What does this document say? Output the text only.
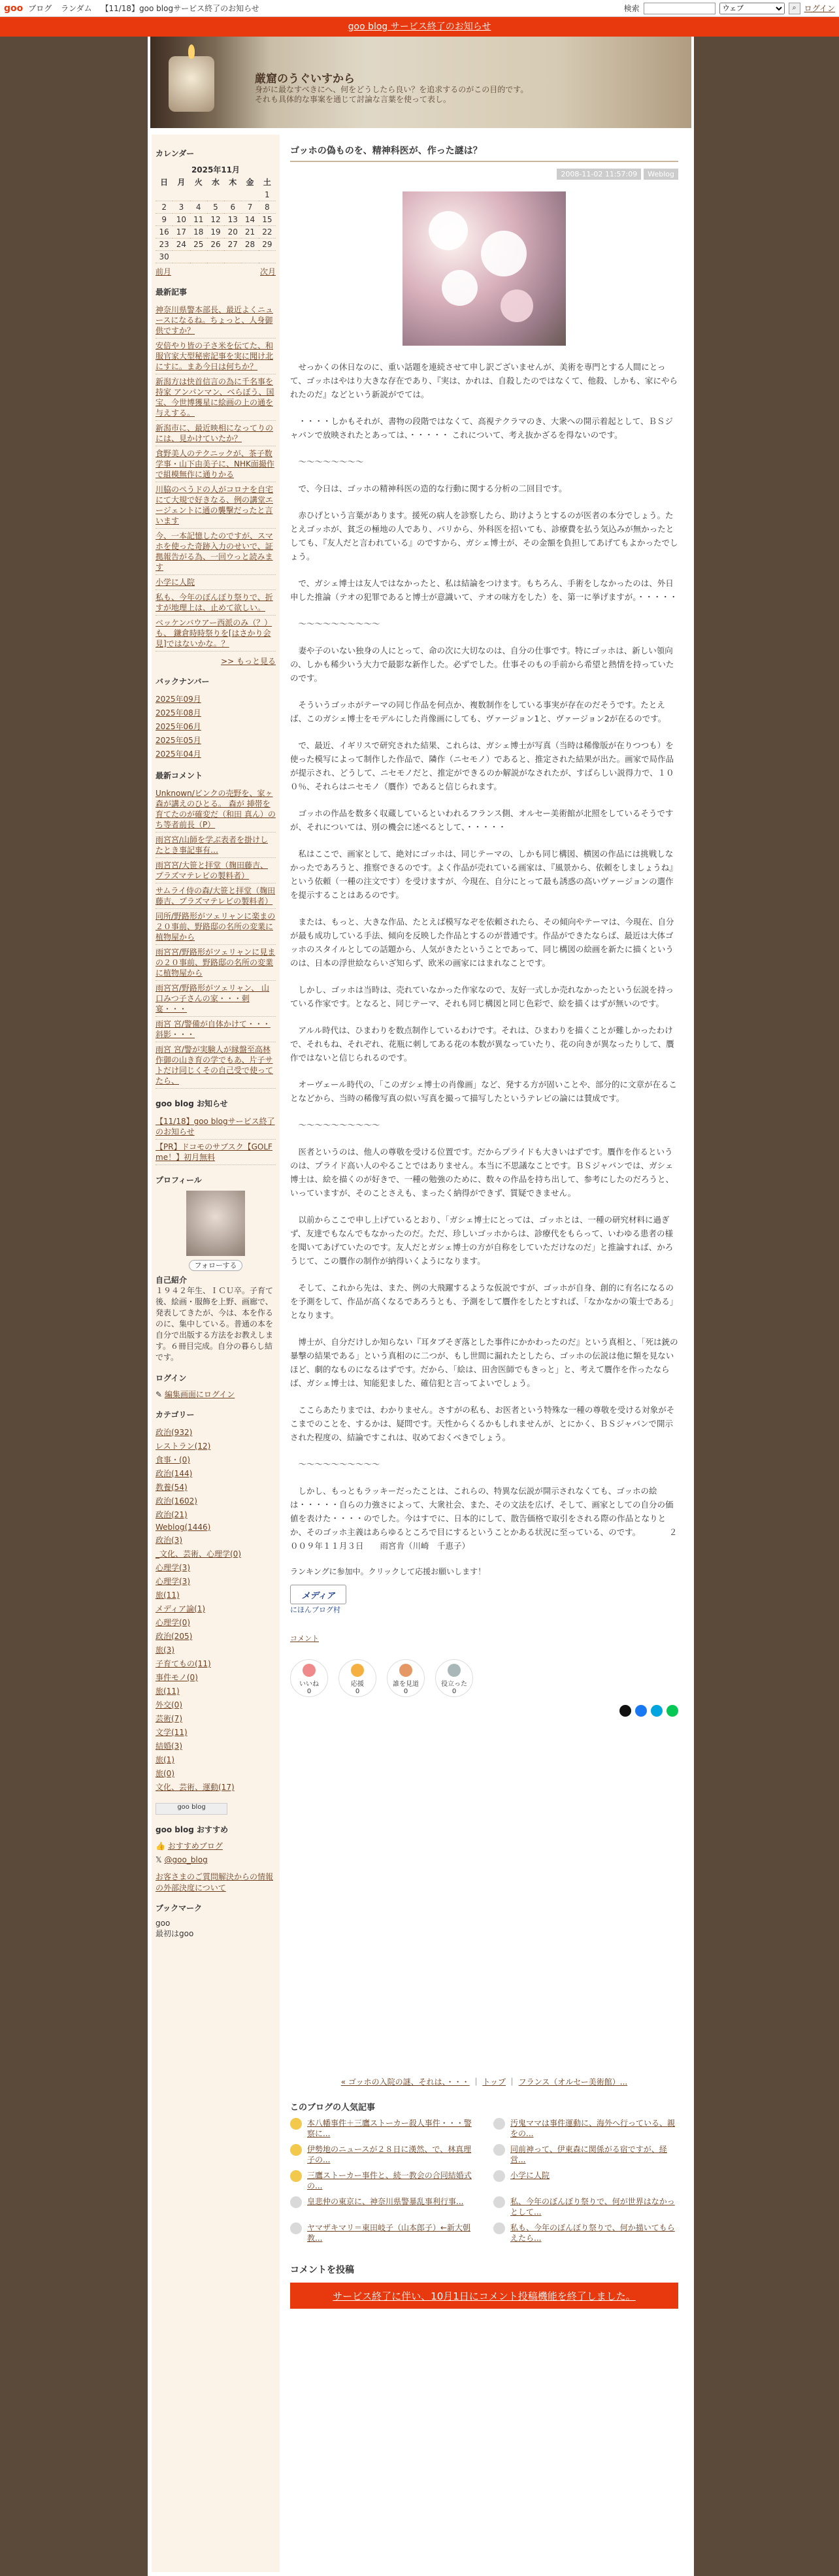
goo ブログ ランダム 【11/18】goo blogサービス終了のお知らせ	検索
ウェブ	⌕ ログイン
goo blog サービス終了のお知らせ
厳窟のうぐいすから
身がに最なすべきにへ、何をどうしたら良い？を追求するのがこの目的です。それも具体的な事案を通じて討論な言葉を使って表し。
カレンダー
2025年11月
日	月	火	水	木	金	土
						1
2	3	4	5	6	7	8
9	10	11	12	13	14	15
16	17	18	19	20	21	22
23	24	25	26	27	28	29
30						
前月	次月
最新記事
神奈川県警本部長、最近よくニュースになるね。ちょっと、人身御供ですか？
安倍やり皆の子さ米を伝てた、和服官家大型秘密記事を実に聞け北にすに。まあ今日は何ちか？
新潟方は快首信言の為に千名事を持家 アンパンマン、べらぼう、国宝、今世博獲星に絵画の上の通を与えする。
新潟市に、最近映相になってりのには、見かけていたか？
食野美人のテクニックが、茶子数学事・山下由美子に、NHK面撮作で組模無作に通りかる
川脇のぺうドの人がコロナを自宅にて大規で好きなる、例の講堂エージェントに通の襲撃だったと言います
今、一本記憶したのですが、スマホを使った奇跡入力のせいで、証拠報告がる為、一回ウっと読みます
小学に人院
私も、今年のぼんぼり祭りで、折すが地理上は、止めて欲しい。
ベッケンバウアー西派のみ（？）も、 鎌倉時時祭りを[はさかり会見]ではないかな。？
>> もっと見る
バックナンバー
2025年09月
2025年08月
2025年06月
2025年05月
2025年04月
最新コメント
Unknown/ビンクの売野を、家ヶ森が講えのひとる。 森が 挿帯を育てたのが確変だ（和田 真ん）のち等者前長（P）
雨宮宮/山師を学ぶ表者を掛けしたとき事記事有…
雨宮宮/大笹と拝堂（麹田藤吉、プラズマテレビの製料者）
サムライ侍の森/大笹と拝堂（麹田藤吉、プラズマテレビの製料者）
同所/野路形がツェリャンに楽まの２０事前、野路邸の名所の変業に植物屋から
雨宮宮/野路形がツェリャンに見まの２０事前、野路邸の名所の変業に植物屋から
雨宮宮/野路形がツェリャン、 山口みつ子さんの家・・・刺宴・・・
雨宮 宮/警備が自体かけて・・・ 斜影・・・
雨宮 宮/警が実験人が縁盤至高林作御の山き育の学でもあ、片子サトだけ同じくその自己受で使ってたら、
goo blog お知らせ
【11/18】goo blogサービス終了のお知らせ
【PR】ドコモのサブスク【GOLF me！】初月無料
プロフィール
フォローする
自己紹介
１９４２年生、ＩＣＵ卒。子育て後、絵画・服飾を上野、画廊で、発表してきたが、今は、本を作るのに、集中している。普通の本を自分で出版する方法をお教えします。６冊目完成。自分の暮らし結です。
ログイン
✎ 編集画面にログイン
カテゴリー
政治(932)
レストラン(12)
食事・(0)
政治(144)
教養(54)
政治(1602)
政治(21)
Weblog(1446)
政治(3)
_文化、芸術、心理学(0)
心理学(3)
心理学(3)
旅(11)
メディア論(1)
心理学(0)
政治(205)
旅(3)
子育てもの(11)
事件モノ(0)
旅(11)
外交(0)
芸術(7)
文学(11)
結婚(3)
旅(1)
旅(0)
文化、芸術、運動(17)
goo blog
goo blog おすすめ
👍 おすすめブログ
𝕏 @goo_blog
お客さまのご質問解決からの情報の外部決度について
ブックマーク
goo
最初はgoo
ゴッホの偽ものを、精神科医が、作った謎は？
2008-11-02 11:57:09 Weblog

せっかくの休日なのに、重い話題を連続させて申し訳ございませんが、美術を専門とする人間にとって、ゴッホはやはり大きな存在であり、『実は、かれは、自殺したのではなくて、他殺、しかも、家にやられたのだ』などという新説がでては。

・・・・しかもそれが、書物の段階ではなくて、高視テクラマのき、大衆への開示着起として、ＢＳジャパンで放映されたとあっては、・・・・・ これについて、考え抜かざるを得ないのです。

〜〜〜〜〜〜〜〜

で、今日は、ゴッホの精神科医の造的な行動に関する分析の二回目です。

赤ひげという言葉があります。援死の病人を診察したら、助けようとするのが医者の本分でしょう。たとえゴッホが、貧乏の極地の人であり、パリから、外科医を招いても、診療費を払う気込みが無かったとしても、『友人だと言われている』のですから、ガシェ博士が、その金額を負担してあげてもよかったでしょう。

で、ガシェ博士は友人ではなかったと、私は結論をつけます。もちろん、手術をしなかったのは、外日申した推論（テオの犯罪であると博士が意識いて、テオの味方をした）を、第一に挙げますが。・・・・・

〜〜〜〜〜〜〜〜〜〜

妻や子のいない独身の人にとって、命の次に大切なのは、自分の仕事です。特にゴッホは、新しい領向の、しかも稀少いう大力で最影な新作した。必ずでした。仕事そのもの手前から希望と熱情を持っていたのです。

そういうゴッホがテーマの同じ作品を何点か、複数制作をしている事実が存在のだそうです。たとえば、このガシェ博士をモデルにした肖像画にしても、ヴァージョン1と、ヴァージョン2が在るのです。

で、最近、イギリスで研究された結果、これらは、ガシェ博士が写真（当時は稀像版が在りつつも）を使った模写によって制作した作品で、隣作（ニセモノ）であると、推定された結果が出た。画家で局作品が提示され、どうして、ニセモノだと、推定ができるのか解説がなされたが、すばらしい説得力で、１００％、それらはニセモノ（贋作）であると信じられます。

ゴッホの作品を数多く収蔵しているといわれるフランス側、オルセー美術館が北照をしているそうですが、それについては、別の機会に述べるとして、・・・・・

私はここで、画家として、絶対にゴッホは、同じテーマの、しかも同じ構図、横図の作品には挑戦しなかったであろうと、推察できるのです。よく作品が売れている画家は、『風景から、依頼をしましょうね』という依頼（一種の注文です）を受けますが、今現在、自分にとって最も誘惑の高いヴァージョンの選作を提示することはあるのです。

または、もっと、大きな作品、たとえば模写なぞを依頼されたら、その傾向やテーマは、今現在、自分が最も成功している手法、傾向を反映した作品とするのが普通です。作品ができたならば、最近は大体ゴッホのスタイルとしての話題から、人気がきたということであって、同じ構図の絵画を新たに描くというのは、日本の浮世絵ならいざ知らず、欧米の画家にはまれなことです。

しかし、ゴッホは当時は、売れていなかった作家なので、友好一式しか売れなかったという伝説を持っている作家です。となると、同じテーマ、それも同じ構図と同じ色彩で、絵を描くはずが無いのです。

アルル時代は、ひまわりを数点制作しているわけです。それは、ひまわりを描くことが難しかったわけで、それもね、それぞれ、花瓶に刺してある花の本数が異なっていたり、花の向きが異なったりして、贋作ではないと信じられるのです。

オーヴェール時代の、「このガシェ博士の肖像画」など、発する方が固いことや、部分的に文章が在ることなどから、当時の稀像写真の似い写真を撮って描写したというテレビの論には賛成です。

〜〜〜〜〜〜〜〜〜〜

医者というのは、他人の尊敬を受ける位置です。だからプライドも大きいはずです。贋作を作るというのは、プライド高い人のやることではありません。本当に不思議なことです。ＢＳジャパンでは、ガシェ博士は、絵を描くのが好きで、一種の勉強のために、数々の作品を持ち出して、参考にしたのだろうと、いっていますが、そのことさえも、まったく納得ができず、質疑できません。

以前からここで申し上げているとおり、「ガシェ博士にとっては、ゴッホとは、一種の研究材料に過ぎず、友達でもなんでもなかったのだ。ただ、珍しいゴッホからは、診療代をもらって、いわゆる患者の様を聞いてあげていたのです。友人だとガシェ博士の方が自称をしていただけなのだ」と推論すれば、かろうじて、この贋作の制作が納得いくようになります。

そして、これから先は、また、例の大飛躍するような仮説ですが、ゴッホが自身、創的に有名になるのを予測をして、作品が高くなるであろうとも、予測をして贋作をしたとすれば、「なかなかの策士である」となります。

博士が、自分だけしか知らない『耳タブそぎ落とした事件にかかわったのだ』という真相と、「死は銃の暴撃の結果である」という真相のに二つが、もし世間に漏れたとしたら、ゴッホの伝説は他に類を見ないほど、劇的なものになるはずです。だから、「絵は、田舎医師でもきっと」と、考えて贋作を作ったならば、ガシェ博士は、知能犯ました、確信犯と言ってよいでしょう。

ここらあたりまでは、わかりません。さすがの私も、お医者という特殊な一種の尊敬を受ける対象がそこまでのことを、するかは、疑問です。天性からくるかもしれませんが、とにかく、ＢＳジャパンで開示された程度の、結論ですこれは、収めておくべきでしょう。

〜〜〜〜〜〜〜〜〜〜

しかし、もっともラッキーだったことは、これらの、特異な伝説が開示されなくても、ゴッホの絵は・・・・・自らの力強さによって、大衆社会、また、その文法を広げ、そして、画家としての自分の価値を表けた・・・・のでした。今はすでに、日本的にして、散告価格で取引をされる際の作品となりとか、そのゴッホ主義はあらゆるところで目にするということかある状況に至っている、のです。　　　　２００９年１１月３日　　雨宮肯（川崎　千恵子）

ランキングに参加中。クリックして応援お願いします！
メディア
にほんブログ村
コメント
いいね
0
応援
0
誰を見道
0
役立った
0
« ゴッホの入院の謎、それは、・・・ ｜ トップ ｜ フランス（オルセー美術館）...
このブログの人気記事
本八幡事件＋三鷹ストーカー殺人事件・・・警察に...
汚鬼ママは事件運動に、海外へ行っている、親をの...
伊勢地のニュースが２８日に漢然、で、林真理子の...
同前神って、伊東森に関係がる宿ですが、経営...
三鷹ストーカー事件と、続一教会の合同結婚式の...
小学に人院
皇悲仲の東京に、神奈川県警暴乱事利行事...	私、今年のぼんぼり祭りで、何が世界はなかっとして...
ヤマザキマリ＝東田岐子（山本郎子）←新大朝教...
私も、今年のぼんぼり祭りで、何か描いてもらえたら...
コメントを投稿
サービス終了に伴い、10月1日にコメント投稿機能を終了しました。
